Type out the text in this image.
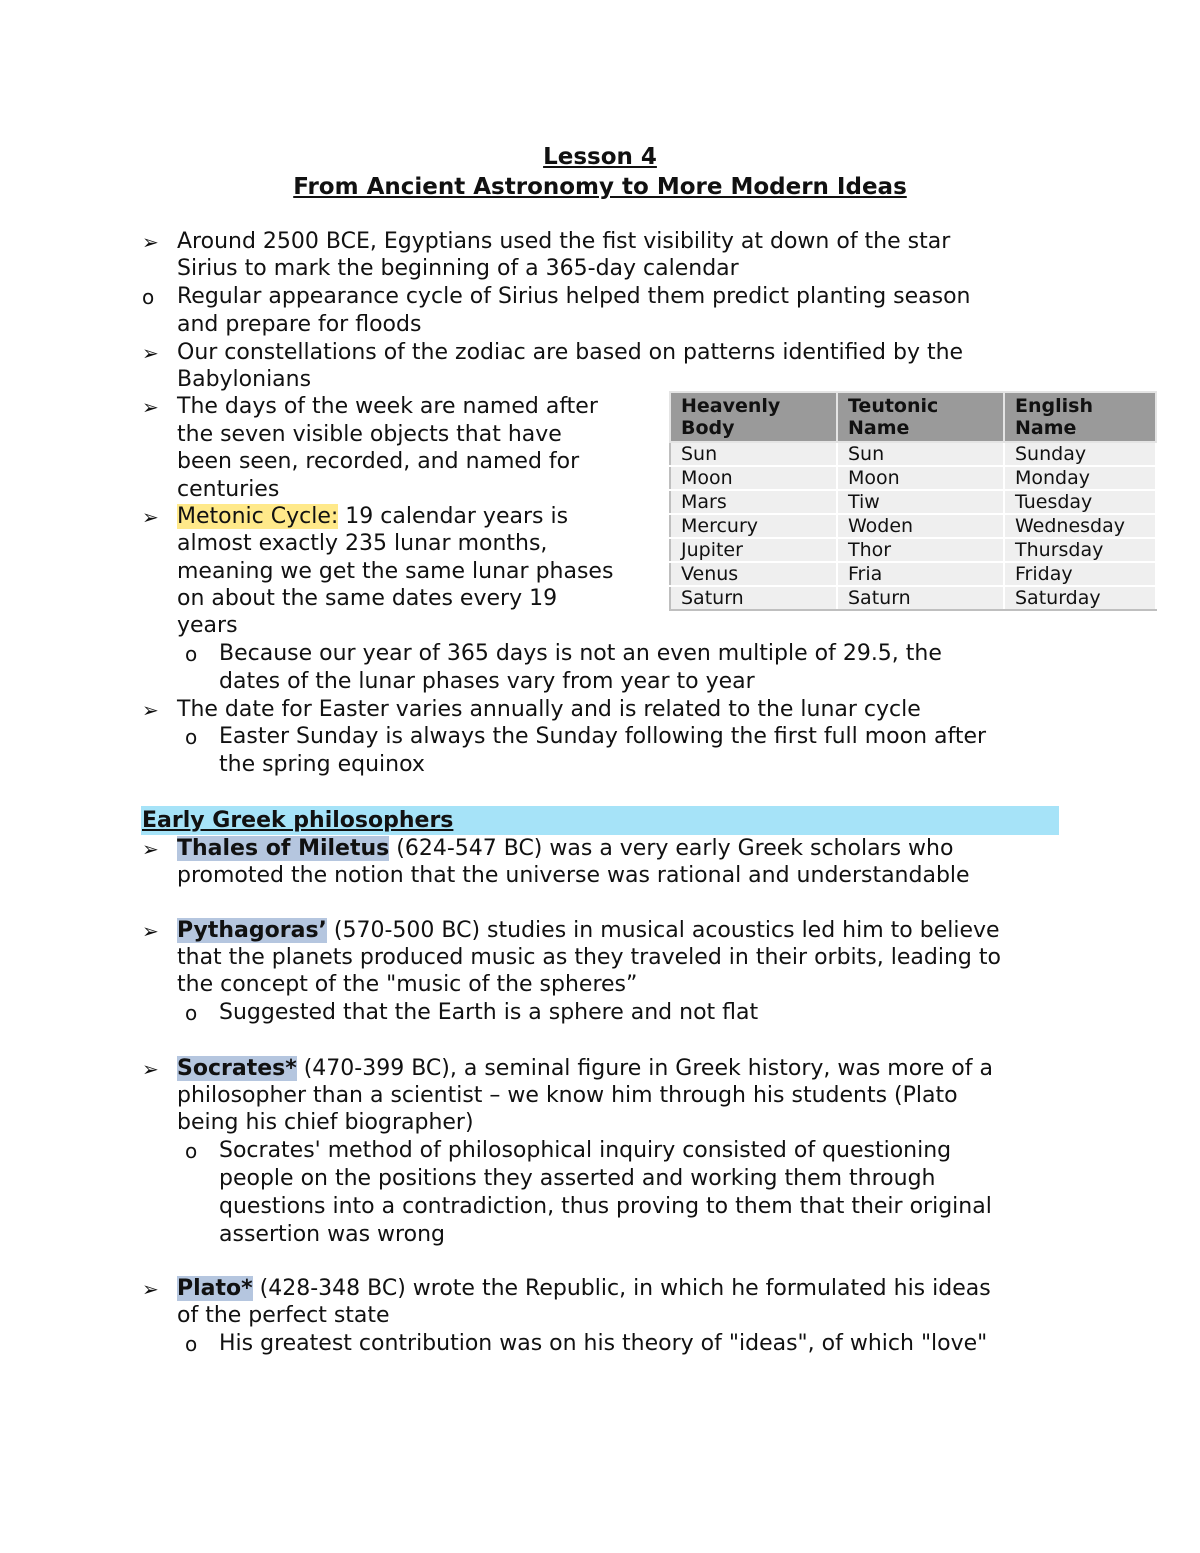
Lesson 4

From Ancient Astronomy to More Modern Ideas

➢ Around 2500 BCE, Egyptians used the fist visibility at down of the star

Sirius to mark the beginning of a 365-day calendar

o Regular appearance cycle of Sirius helped them predict planting season

and prepare for floods

➢ Our constellations of the zodiac are based on patterns identified by the

Babylonians

➢ The days of the week are named after

the seven visible objects that have

been seen, recorded, and named for

centuries

➢ Metonic Cycle: 19 calendar years is

almost exactly 235 lunar months,

meaning we get the same lunar phases

on about the same dates every 19

years

o Because our year of 365 days is not an even multiple of 29.5, the

dates of the lunar phases vary from year to year

➢ The date for Easter varies annually and is related to the lunar cycle

o Easter Sunday is always the Sunday following the first full moon after

the spring equinox

Heavenly Body	Teutonic Name	English Name
Sun	Sun	Sunday
Moon	Moon	Monday
Mars	Tiw	Tuesday
Mercury	Woden	Wednesday
Jupiter	Thor	Thursday
Venus	Fria	Friday
Saturn	Saturn	Saturday

Early Greek philosophers

➢ Thales of Miletus (624-547 BC) was a very early Greek scholars who

promoted the notion that the universe was rational and understandable

➢ Pythagoras’ (570-500 BC) studies in musical acoustics led him to believe

that the planets produced music as they traveled in their orbits, leading to

the concept of the "music of the spheres”

o Suggested that the Earth is a sphere and not flat

➢ Socrates* (470-399 BC), a seminal figure in Greek history, was more of a

philosopher than a scientist – we know him through his students (Plato

being his chief biographer)

o Socrates' method of philosophical inquiry consisted of questioning

people on the positions they asserted and working them through

questions into a contradiction, thus proving to them that their original

assertion was wrong

➢ Plato* (428-348 BC) wrote the Republic, in which he formulated his ideas

of the perfect state

o His greatest contribution was on his theory of "ideas", of which "love"
